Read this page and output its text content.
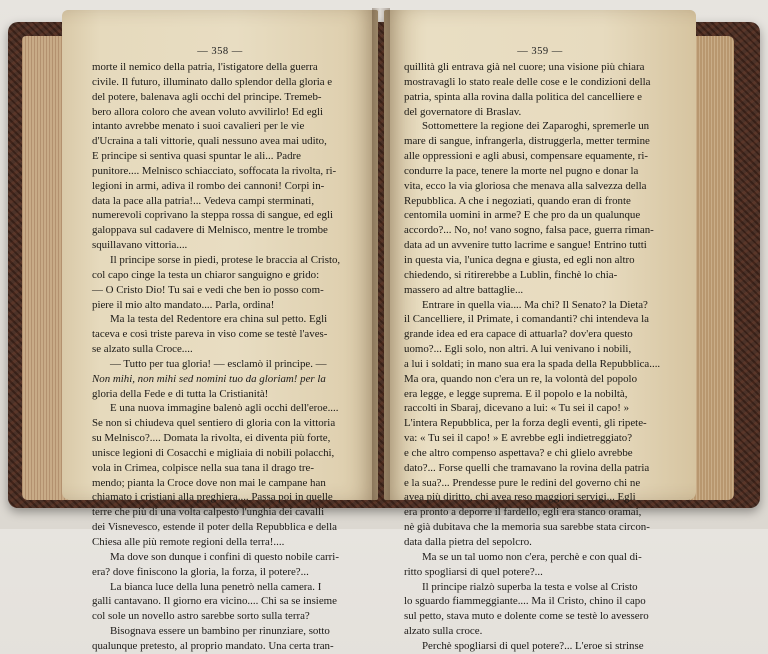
— 358 —
morte il nemico della patria, l'istigatore della guerra
civile. Il futuro, illuminato dallo splendor della gloria e
del potere, balenava agli occhi del principe. Tremeb-
bero allora coloro che avean voluto avvilirlo! Ed egli
intanto avrebbe menato i suoi cavalieri per le vie
d'Ucraina a tali vittorie, quali nessuno avea mai udito,
E principe si sentiva quasi spuntar le ali... Padre
punitore.... Melnisco schiacciato, soffocata la rivolta, ri-
legioni in armi, adiva il rombo dei cannoni! Corpi in-
data la pace alla patria!... Vedeva campi sterminati,
numerevoli coprivano la steppa rossa di sangue, ed egli
galoppava sul cadavere di Melnisco, mentre le trombe
squillavano vittoria....
Il principe sorse in piedi, protese le braccia al Cristo,
col capo cinge la testa un chiaror sanguigno e grido:
— O Cristo Dio! Tu sai e vedi che ben io posso com-
piere il mio alto mandato.... Parla, ordina!
Ma la testa del Redentore era china sul petto. Egli
taceva e così triste pareva in viso come se testè l'aves-
se alzato sulla Croce....
— Tutto per tua gloria! — esclamò il principe. —
Non mihi, non mihi sed nomini tuo da gloriam! per la
gloria della Fede e di tutta la Cristianità!
E una nuova immagine balenò agli occhi dell'eroe....
Se non si chiudeva quel sentiero di gloria con la vittoria
su Melnisco?.... Domata la rivolta, ei diventa più forte,
unisce legioni di Cosacchi e migliaia di nobili polacchi,
vola in Crimea, colpisce nella sua tana il drago tre-
mendo; pianta la Croce dove non mai le campane han
chiamato i cristiani alla preghiera.... Passa poi in quelle
terre che più di una volta calpestò l'unghia dei cavalli
dei Visnevesco, estende il poter della Repubblica e della
Chiesa alle più remote regioni della terra!....
Ma dove son dunque i confini di questo nobile carri-
era? dove finiscono la gloria, la forza, il potere?...
La bianca luce della luna penetrò nella camera. I
galli cantavano. Il giorno era vicino.... Chi sa se insieme
col sole un novello astro sarebbe sorto sulla terra?
Bisognava essere un bambino per rinunziare, sotto
qualunque pretesto, al proprio mandato. Una certa tran-
— 359 —
quillità gli entrava già nel cuore; una visione più chiara
mostravagli lo stato reale delle cose e le condizioni della
patria, spinta alla rovina dalla politica del cancelliere e
del governatore di Braslav.
Sottomettere la regione dei Zaparoghi, spremerle un
mare di sangue, infrangerla, distruggerla, metter termine
alle oppressioni e agli abusi, compensare equamente, ri-
condurre la pace, tenere la morte nel pugno e donar la
vita, ecco la via gloriosa che menava alla salvezza della
Repubblica. A che i negoziati, quando eran di fronte
centomila uomini in arme? E che pro da un qualunque
accordo?... No, no! vano sogno, falsa pace, guerra riman-
data ad un avvenire tutto lacrime e sangue! Entrino tutti
in questa via, l'unica degna e giusta, ed egli non altro
chiedendo, si ritirerebbe a Lublin, finchè lo chia-
massero ad altre battaglie...
Entrare in quella via.... Ma chi? Il Senato? la Dieta?
il Cancelliere, il Primate, i comandanti? chi intendeva la
grande idea ed era capace di attuarla? dov'era questo
uomo?... Egli solo, non altri. A lui venivano i nobili,
a lui i soldati; in mano sua era la spada della Repubblica....
Ma ora, quando non c'era un re, la volontà del popolo
era legge, e legge suprema. E il popolo e la nobiltà,
raccolti in Sbaraj, dicevano a lui: « Tu sei il capo! »
L'intera Repubblica, per la forza degli eventi, gli ripete-
va: « Tu sei il capo! » E avrebbe egli indietreggiato?
e che altro compenso aspettava? e chi glielo avrebbe
dato?... Forse quelli che tramavano la rovina della patria
e la sua?... Prendesse pure le redini del governo chi ne
avea più diritto, chi avea reso maggiori servigi... Egli
era pronto a deporre il fardello, egli era stanco oramai,
nè già dubitava che la memoria sua sarebbe stata circon-
data dalla pietra del sepolcro.
Ma se un tal uomo non c'era, perchè e con qual di-
ritto spogliarsi di quel potere?...
Il principe rialzò superba la testa e volse al Cristo
lo sguardo fiammeggiante.... Ma il Cristo, chino il capo
sul petto, stava muto e dolente come se testè lo avessero
alzato sulla croce.
Perchè spogliarsi di quel potere?... L'eroe si strinse
